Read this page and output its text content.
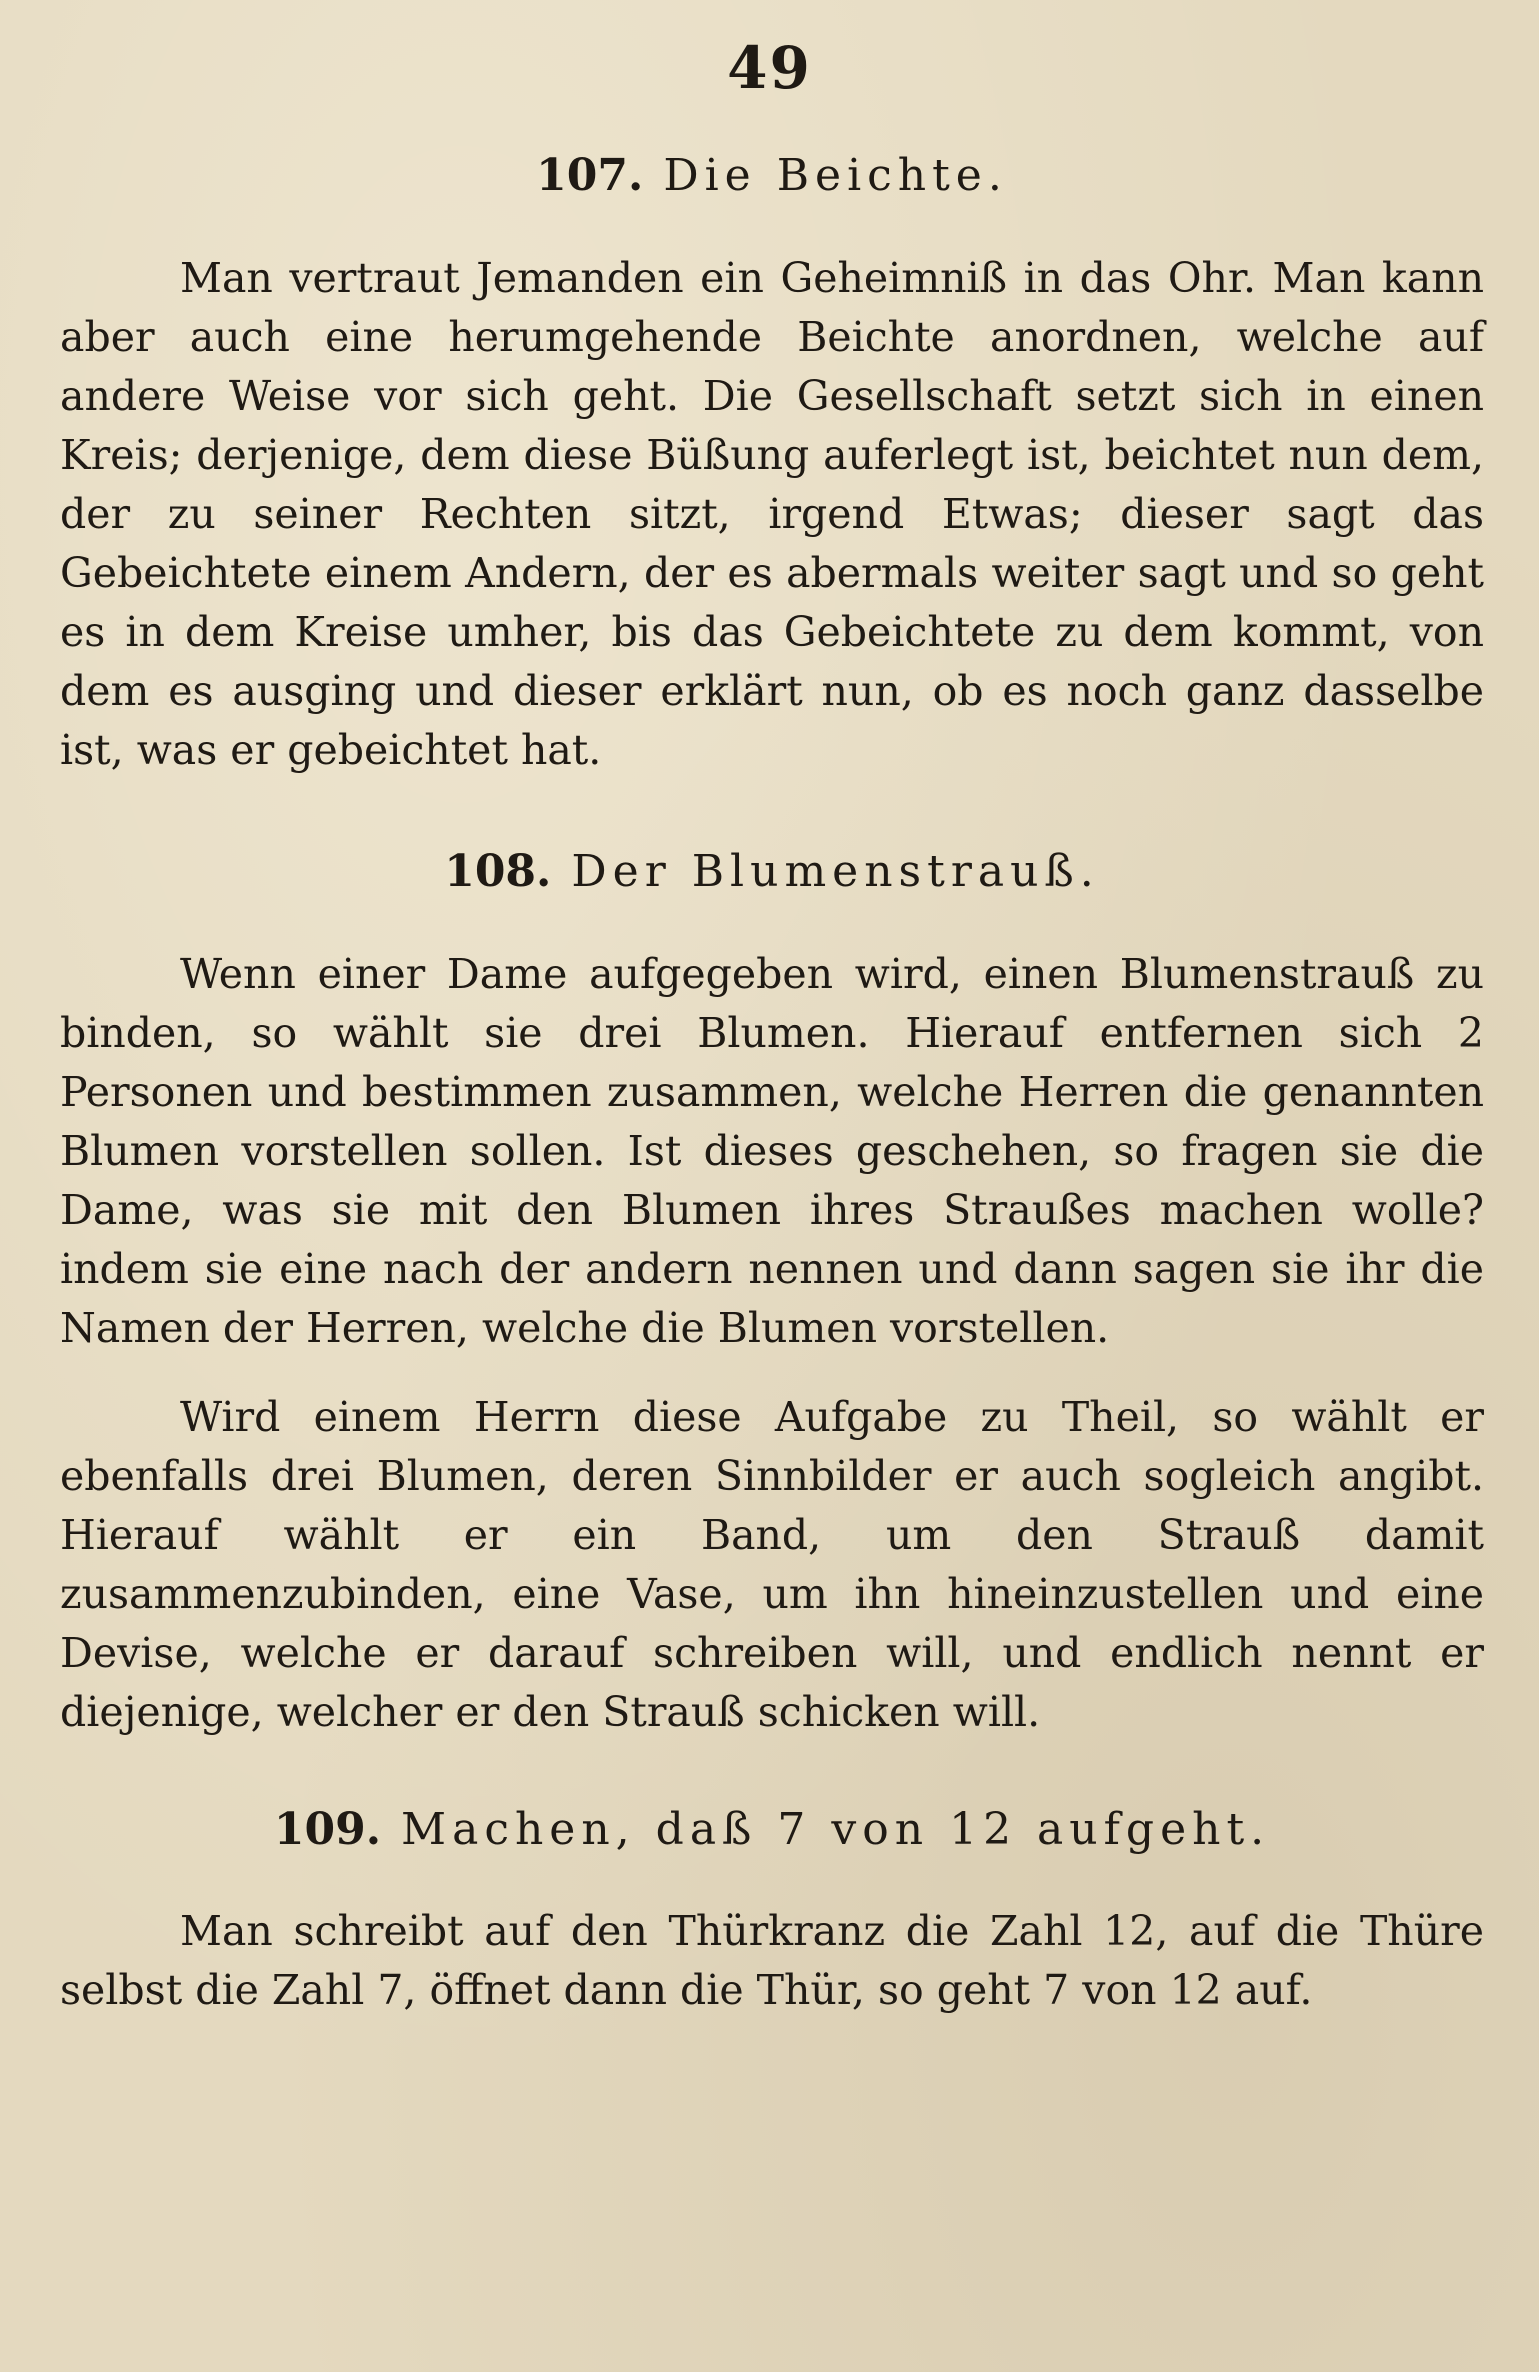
49
107. Die Beichte.

Man vertraut Jemanden ein Geheimniß in das Ohr. Man kann aber auch eine herumgehende Beichte anordnen, welche auf andere Weise vor sich geht. Die Gesellschaft setzt sich in einen Kreis; derjenige, dem diese Büßung auferlegt ist, beichtet nun dem, der zu seiner Rechten sitzt, irgend Etwas; dieser sagt das Gebeichtete einem Andern, der es abermals weiter sagt und so geht es in dem Kreise umher, bis das Gebeichtete zu dem kommt, von dem es ausging und dieser erklärt nun, ob es noch ganz dasselbe ist, was er gebeichtet hat.

108. Der Blumenstrauß.

Wenn einer Dame aufgegeben wird, einen Blumenstrauß zu binden, so wählt sie drei Blumen. Hierauf entfernen sich 2 Personen und bestimmen zusammen, welche Herren die genannten Blumen vorstellen sollen. Ist dieses geschehen, so fragen sie die Dame, was sie mit den Blumen ihres Straußes machen wolle? indem sie eine nach der andern nennen und dann sagen sie ihr die Namen der Herren, welche die Blumen vorstellen.

Wird einem Herrn diese Aufgabe zu Theil, so wählt er ebenfalls drei Blumen, deren Sinnbilder er auch sogleich angibt. Hierauf wählt er ein Band, um den Strauß damit zusammenzubinden, eine Vase, um ihn hineinzustellen und eine Devise, welche er darauf schreiben will, und endlich nennt er diejenige, welcher er den Strauß schicken will.

109. Machen, daß 7 von 12 aufgeht.

Man schreibt auf den Thürkranz die Zahl 12, auf die Thüre selbst die Zahl 7, öffnet dann die Thür, so geht 7 von 12 auf.
